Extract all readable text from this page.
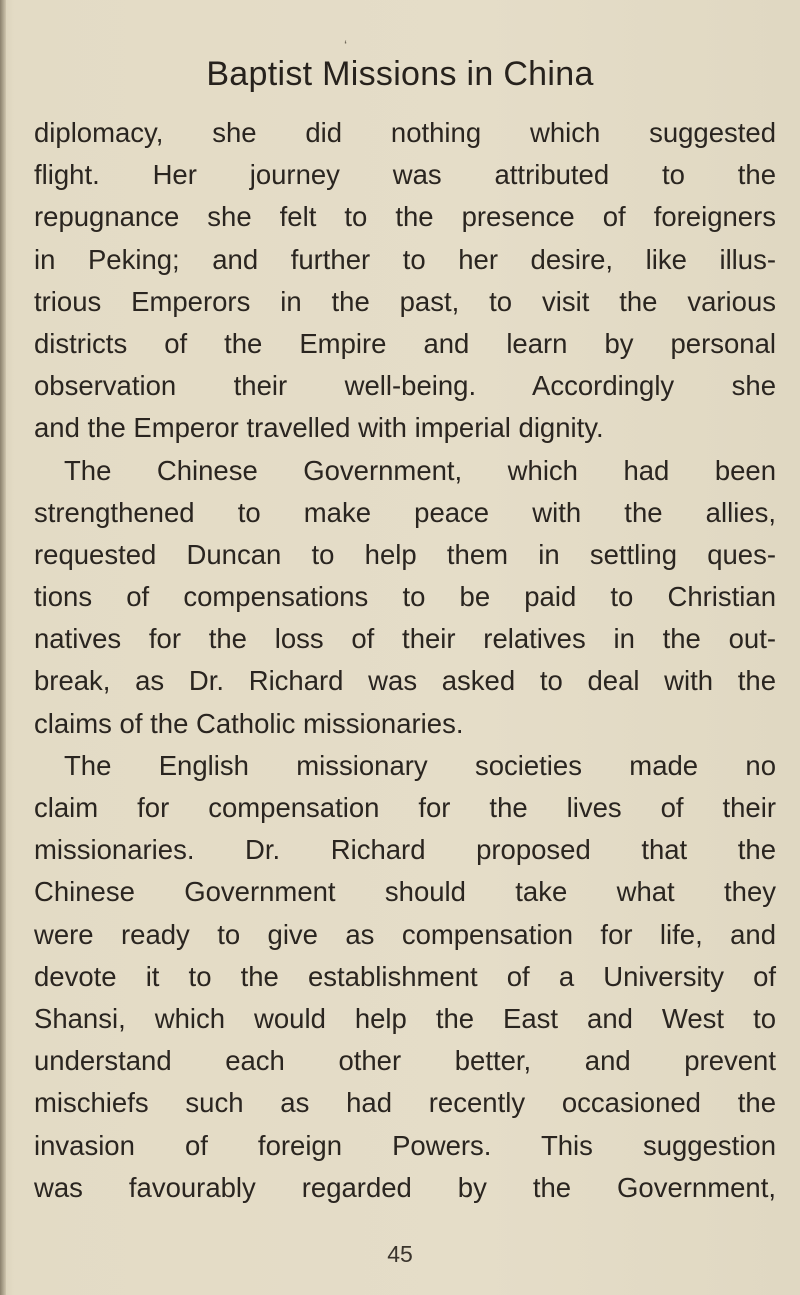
‘
Baptist Missions in China
diplomacy, she did nothing which suggested
flight. Her journey was attributed to the
repugnance she felt to the presence of foreigners
in Peking; and further to her desire, like illus-
trious Emperors in the past, to visit the various
districts of the Empire and learn by personal
observation their well-being. Accordingly she
and the Emperor travelled with imperial dignity.
The Chinese Government, which had been
strengthened to make peace with the allies,
requested Duncan to help them in settling ques-
tions of compensations to be paid to Christian
natives for the loss of their relatives in the out-
break, as Dr. Richard was asked to deal with the
claims of the Catholic missionaries.
The English missionary societies made no
claim for compensation for the lives of their
missionaries. Dr. Richard proposed that the
Chinese Government should take what they
were ready to give as compensation for life, and
devote it to the establishment of a University of
Shansi, which would help the East and West to
understand each other better, and prevent
mischiefs such as had recently occasioned the
invasion of foreign Powers. This suggestion
was favourably regarded by the Government,
45
